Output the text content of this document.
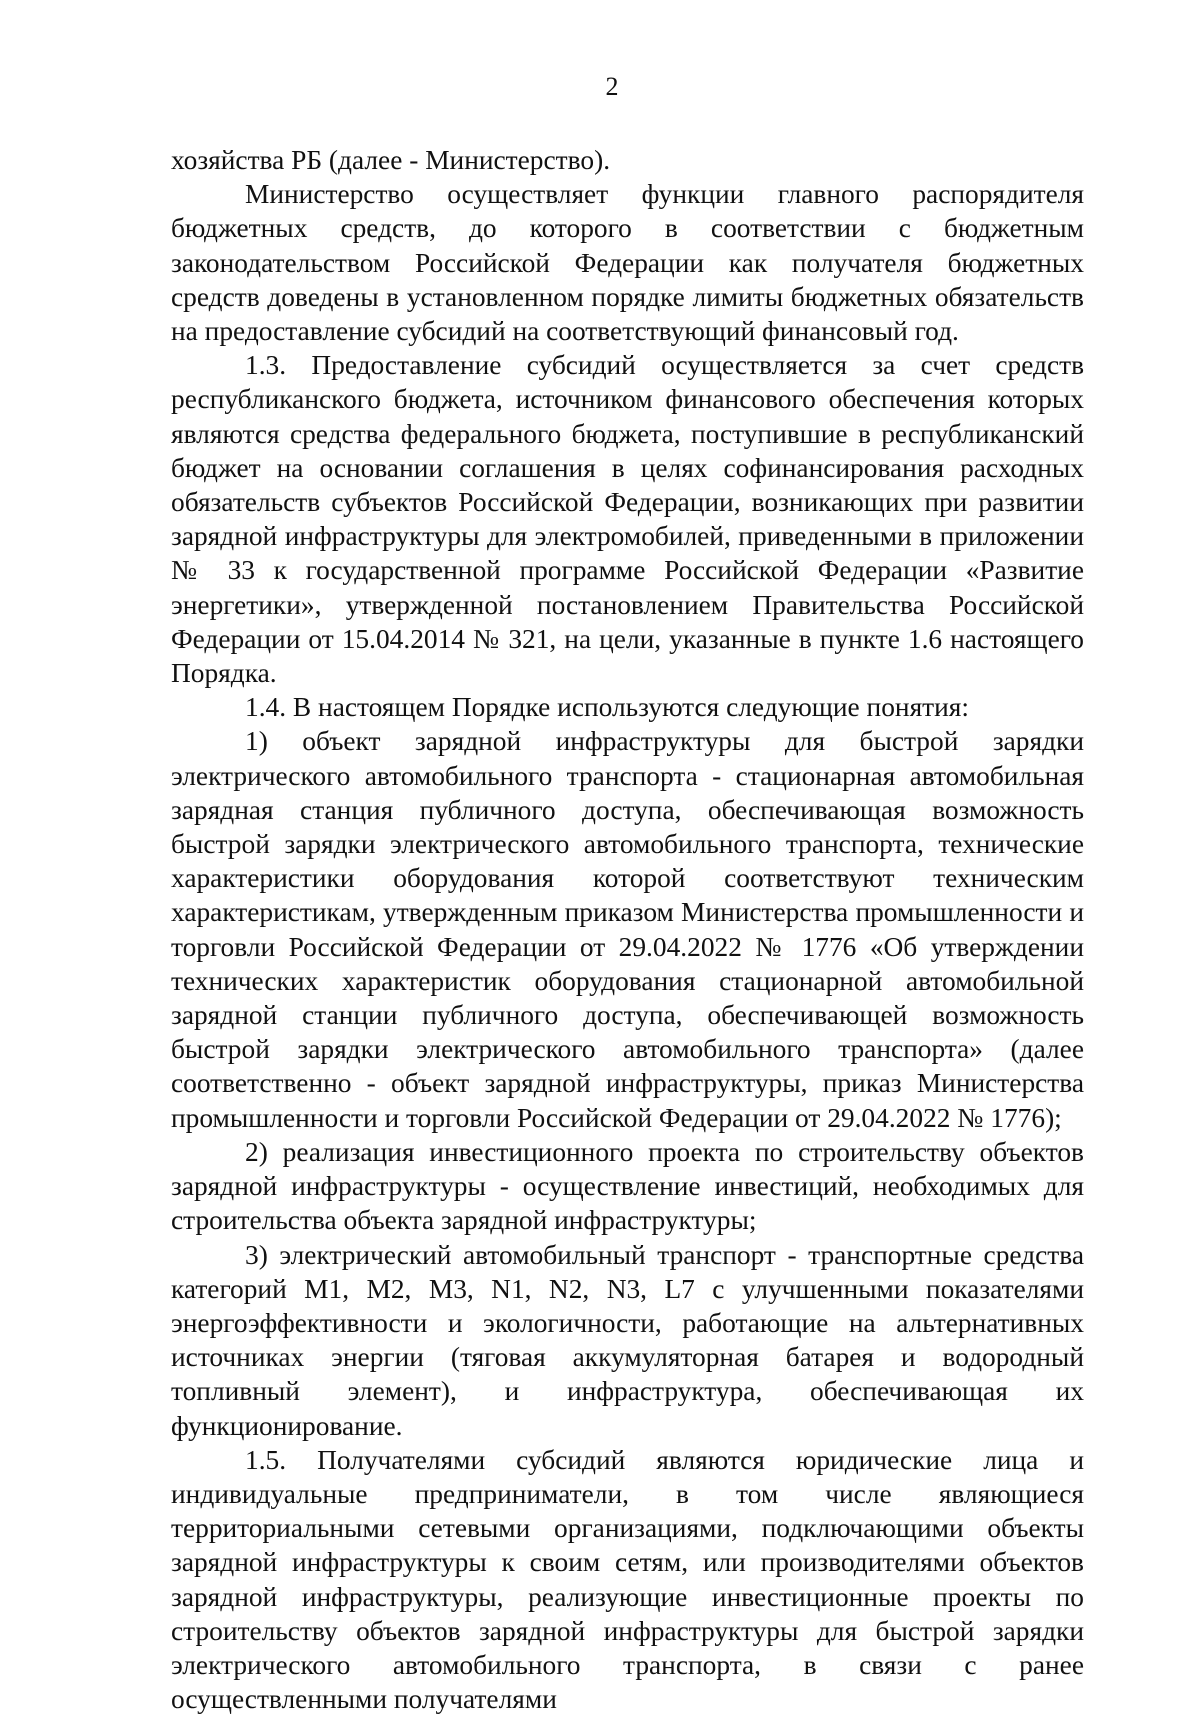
2

хозяйства РБ (далее - Министерство).

Министерство осуществляет функции главного распорядителя бюджетных средств, до которого в соответствии с бюджетным законодательством Российской Федерации как получателя бюджетных средств доведены в установленном порядке лимиты бюджетных обязательств на предоставление субсидий на соответствующий финансовый год.

1.3. Предоставление субсидий осуществляется за счет средств республиканского бюджета, источником финансового обеспечения которых являются средства федерального бюджета, поступившие в республиканский бюджет на основании соглашения в целях софинансирования расходных обязательств субъектов Российской Федерации, возникающих при развитии зарядной инфраструктуры для электромобилей, приведенными в приложении № 33 к государственной программе Российской Федерации «Развитие энергетики», утвержденной постановлением Правительства Российской Федерации от 15.04.2014 № 321, на цели, указанные в пункте 1.6 настоящего Порядка.

1.4. В настоящем Порядке используются следующие понятия:

1) объект зарядной инфраструктуры для быстрой зарядки электрического автомобильного транспорта - стационарная автомобильная зарядная станция публичного доступа, обеспечивающая возможность быстрой зарядки электрического автомобильного транспорта, технические характеристики оборудования которой соответствуют техническим характеристикам, утвержденным приказом Министерства промышленности и торговли Российской Федерации от 29.04.2022 № 1776 «Об утверждении технических характеристик оборудования стационарной автомобильной зарядной станции публичного доступа, обеспечивающей возможность быстрой зарядки электрического автомобильного транспорта» (далее соответственно - объект зарядной инфраструктуры, приказ Министерства промышленности и торговли Российской Федерации от 29.04.2022 № 1776);

2) реализация инвестиционного проекта по строительству объектов зарядной инфраструктуры - осуществление инвестиций, необходимых для строительства объекта зарядной инфраструктуры;

3) электрический автомобильный транспорт - транспортные средства категорий M1, M2, M3, N1, N2, N3, L7 с улучшенными показателями энергоэффективности и экологичности, работающие на альтернативных источниках энергии (тяговая аккумуляторная батарея и водородный топливный элемент), и инфраструктура, обеспечивающая их функционирование.

1.5. Получателями субсидий являются юридические лица и индивидуальные предприниматели, в том числе являющиеся территориальными сетевыми организациями, подключающими объекты зарядной инфраструктуры к своим сетям, или производителями объектов зарядной инфраструктуры, реализующие инвестиционные проекты по строительству объектов зарядной инфраструктуры для быстрой зарядки электрического автомобильного транспорта, в связи с ранее осуществленными получателями
